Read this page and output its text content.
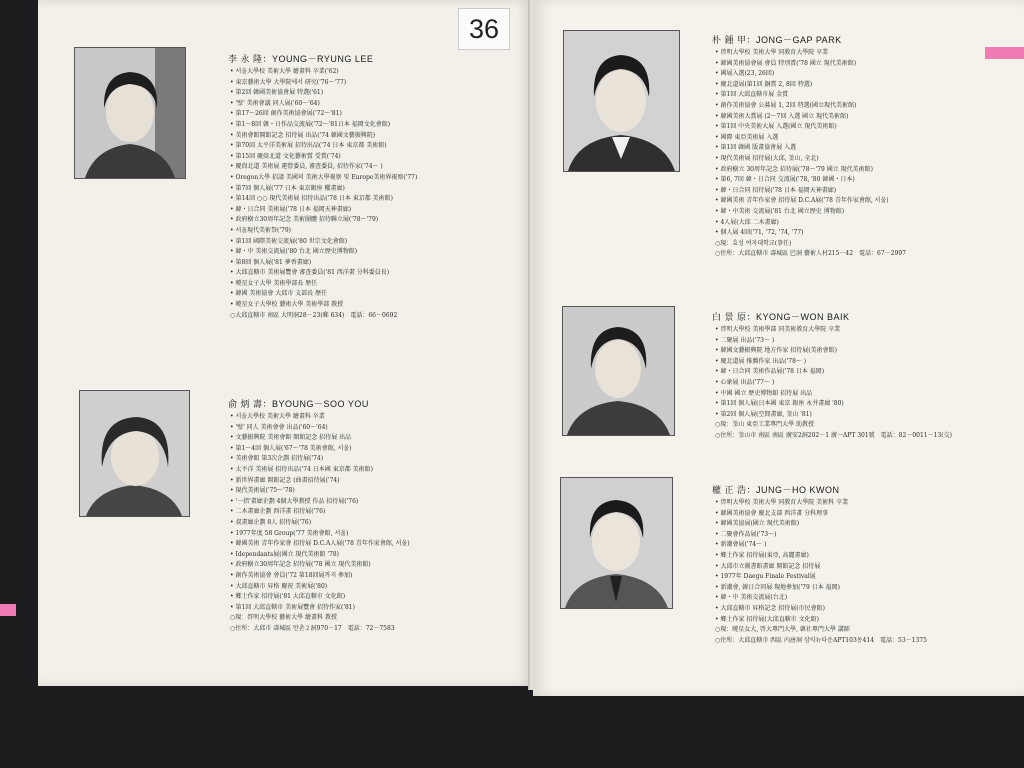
36
李 永 隆：YOUNG－RYUNG LEE
• 서울大學校 美術大學 繪畫科 卒業('62)
• 東京藝術大學 大學院에서 研究('76～'77)
• 第2回 韓國美術協會展 特選('61)
• '壁' 美術會議 同人展('60～'64)
• 第17～26回 創作美術協會展('72～'81)
• 第1～8回 韓・日作品交流展('72～'81日本 福岡文化會館)
• 美術會館開館記念 招待展 出品('74 韓國文藝振興院)
• 第70回 太平洋美術展 招待出品('74 日本 東京都 美術館)
• 第15回 慶尙北道 文化藝術賞 受賞('74)
• 慶尙北道 美術展 運營委員, 審查委員, 招待作家('74～ )
• Oregon大學 招請 美國의 美術大學視察 및 Europe美術界視察('77)
• 第7回 個人展('77 日本 東京銀座 櫻畫廊)
• 第14回 ○○ 現代美術展 招待出品('78 日本 東京都 美術館)
• 韓・日合同 美術展('78 日本 福岡天神畫廊)
• 政府樹立30周年記念 美術團體 招待聯立展('78～'79)
• 서울現代美術祭('79)
• 第1回 國際美術交流展('80 世宗文化會館)
• 韓・中 美術交流展('80 台北 國立歷史博物館)
• 第8回 個人展('81 夢香畫廊)
• 大邱直轄市 美術展覽會 審查委員('81 西洋畫 分科委員長)
• 曉星女子大學 美術學部長 歷任
• 韓國 美術協會 大邱市 支部長 歷任
• 曉星女子大學校 藝術大學 美術學部 教授
○大邱直轄市 南區 大明洞28－23(郵 634)　電話：66－0692
俞 炳 壽：BYOUNG－SOO YOU
• 서울大學校 美術大學 繪畫科 卒業
• '壁' 同人 美術會會 出品('60～'64)
• 文藝振興院 美術會館 開館記念 招待展 出品
• 第1～4回 個人展('67～'78 美術會館, 서울)
• 美術會館 第3次企劃 招待展('74)
• 太平洋 美術展 招待出品('74 日本國 東京都 美術館)
• 新世界畫廊 開館記念 (曲畫招待展('74)
• 現代美術展('75～'78)
• '一指'畫廊企劃 4個大學教授 作品 招待展('76)
• 二木畫廊企劃 西洋畫 招待展('76)
• 叔畫廊企劃 8人 招待展('76)
• 1977年度 58 Group('77 美術會館, 서울)
• 韓國美術 青年作家會 招待展 D.C.A人展('78 青年作家會館, 서울)
• Idependants展(國立 現代美術館 '78)
• 政府樹立30周年記念 招待展('78 國立 現代美術館)
• 創作美術協會 會員('72 第18回展까지 參加)
• 大邱直轄市 昇格 慶祝 美術展('80)
• 鄉土作家 招待展('81 大邱直轄市 文化館)
• 第1回 大邱直轄市 美術展覽會 招待作家('81)
○現：啓明大學校 藝術大學 繪畫科 教授
○住所：大邱市 壽城區 만촌２洞970－17　電話：72－7583
朴 鍾 甲：JONG－GAP PARK
• 啓明大學校 美術大學 同教育大學院 卒業
• 韓國美術協會展 會員 特別賞('78 國立 現代美術館)
• 國展入選(23, 26回)
• 慶北道展(第1回 銅賞 2, 8回 特選)
• 第1回 大邱直轄市展 金賞
• 創作美術協會 公募展 1, 2回 特選(國立現代美術館)
• 韓國美術大賞展 (2～7回 入選 國立 現代美術館)
• 第1回 中央美術大展 入選(國立 現代美術館)
• 國際 東亞美術展 入選
• 第1回 韓國 版畫協會展 入選
• 現代美術展 招待展(大邱, 釜山, 全北)
• 政府樹立 30周年記念 招待展('78～'79 國立 現代美術館)
• 第6, 7回 韓・日合同 交流展('78, '80 韓國・日本)
• 韓・日合同 招待展('78 日本 福岡天神畫廊)
• 韓國美術 青年作家會 招待展 D.C.A展('78 青年作家會館, 서울)
• 韓・中美術 交流展('81 台北 國立歷史 博物館)
• 4人展(大邱 二木畫廊)
• 個人展 4回('71, '72, '74, '77)
○現：효성 여자대학교(事任)
○住所：大邱直轄市 壽城區 巴洞 藝術人村215－42　電話：67－2997
白 景 原：KYONG－WON BAIK
• 啓明大學校 美術學部 同美術教育大學院 卒業
• 二聚展 出品('73～ )
• 韓國文藝振興院 地方作家 招待展(美術會館)
• 慶北道展 推薦作家 出品('78～ )
• 韓・日合同 美術作品展('78 日本 福岡)
• 心象展 出品('77～ )
• 中國 國立 歷史博物館 招待展 出品
• 第1回 個人展(日本國 東京 銀座 永井畫廊 '80)
• 第2回 個人展(空間畫廊, 釜山 '81)
○現：釜山 東亞工業專門大學 助教授
○住所：釜山市 南區 南區 廣安2洞202－1 廣一APT 301號　電話：82－0011－13(交)
權 正 浩：JUNG－HO KWON
• 啓明大學校 美術大學 同教育大學院 美術科 卒業
• 韓國美術協會 慶北支部 西洋畫 分科理事
• 韓國美協展(國立 現代美術館)
• 二聚會作品展('73～)
• 新潮會展('74～ )
• 鄉土作家 招待展(東亞, 高麗畫廊)
• 大邱市立圖書館畫廊 開館記念 招待展
• 1977年 Daegu Finale Festival展
• 新潮會, 韓日合同展 現地參加('79 日本 福岡)
• 韓・中 美術交流展(台北)
• 大邱直轄市 昇格記念 招待展(市民會館)
• 鄉土作家 招待展(大邱直轄市 文化館)
○現：曉星女大, 啓大專門大學, 韓社專門大學 講師
○住所：大邱直轄市 西區 内唐洞 삼익뉴타운APT103동414　電話：53－1375
